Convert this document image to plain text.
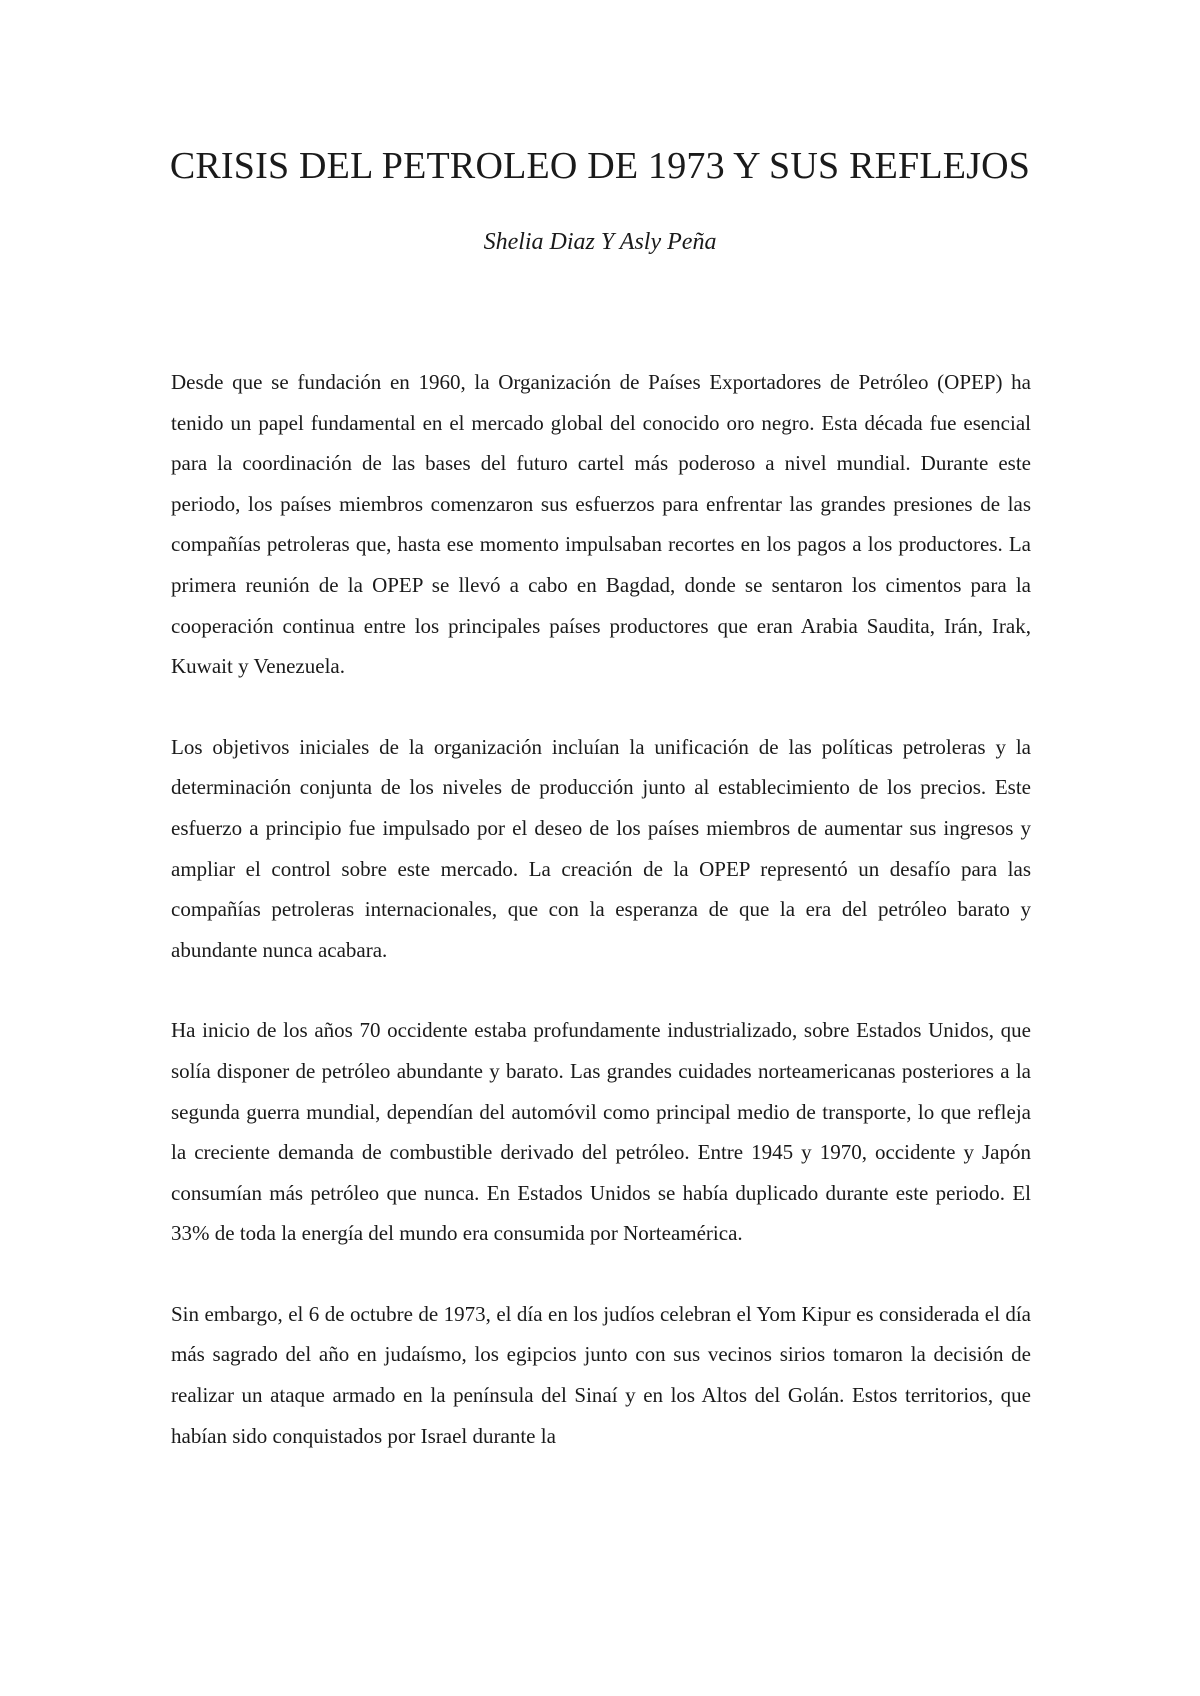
CRISIS DEL PETROLEO DE 1973 Y SUS REFLEJOS

Shelia Diaz Y Asly Peña

Desde que se fundación en 1960, la Organización de Países Exportadores de Petróleo (OPEP) ha tenido un papel fundamental en el mercado global del conocido oro negro. Esta década fue esencial para la coordinación de las bases del futuro cartel más poderoso a nivel mundial. Durante este periodo, los países miembros comenzaron sus esfuerzos para enfrentar las grandes presiones de las compañías petroleras que, hasta ese momento impulsaban recortes en los pagos a los productores. La primera reunión de la OPEP se llevó a cabo en Bagdad, donde se sentaron los cimentos para la cooperación continua entre los principales países productores que eran Arabia Saudita, Irán, Irak, Kuwait y Venezuela.

Los objetivos iniciales de la organización incluían la unificación de las políticas petroleras y la determinación conjunta de los niveles de producción junto al establecimiento de los precios. Este esfuerzo a principio fue impulsado por el deseo de los países miembros de aumentar sus ingresos y ampliar el control sobre este mercado. La creación de la OPEP representó un desafío para las compañías petroleras internacionales, que con la esperanza de que la era del petróleo barato y abundante nunca acabara.

Ha inicio de los años 70 occidente estaba profundamente industrializado, sobre Estados Unidos, que solía disponer de petróleo abundante y barato. Las grandes cuidades norteamericanas posteriores a la segunda guerra mundial, dependían del automóvil como principal medio de transporte, lo que refleja la creciente demanda de combustible derivado del petróleo. Entre 1945 y 1970, occidente y Japón consumían más petróleo que nunca. En Estados Unidos se había duplicado durante este periodo. El 33% de toda la energía del mundo era consumida por Norteamérica.

Sin embargo, el 6 de octubre de 1973, el día en los judíos celebran el Yom Kipur es considerada el día más sagrado del año en judaísmo, los egipcios junto con sus vecinos sirios tomaron la decisión de realizar un ataque armado en la península del Sinaí y en los Altos del Golán. Estos territorios, que habían sido conquistados por Israel durante la
